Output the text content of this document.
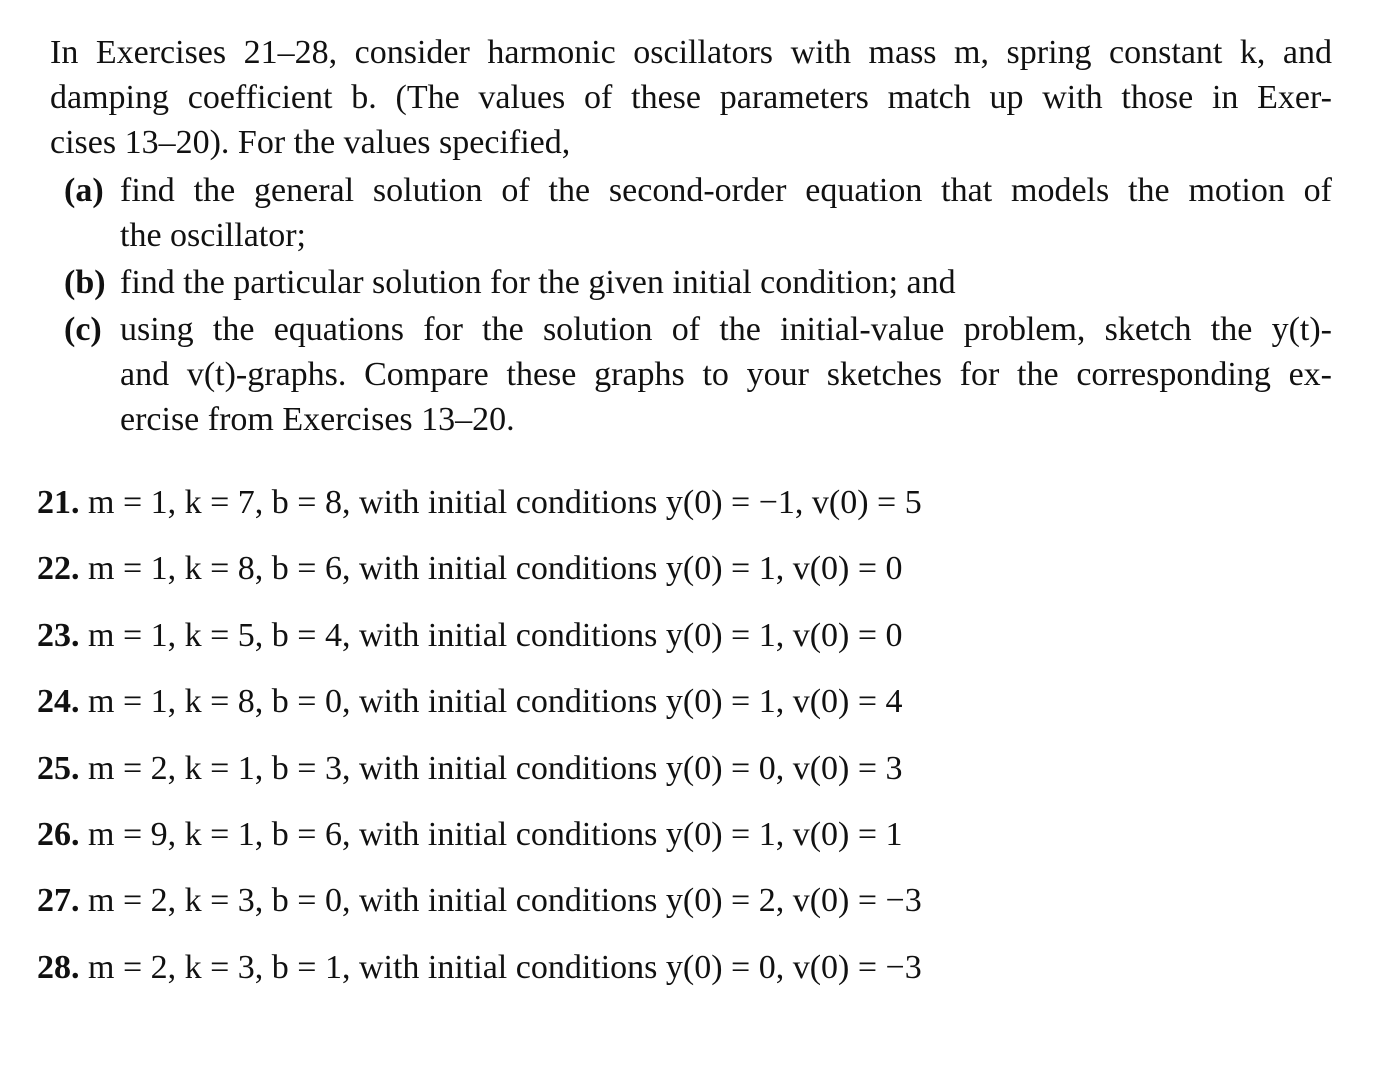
In Exercises 21–28, consider harmonic oscillators with mass m, spring constant k, and
damping coefficient b. (The values of these parameters match up with those in Exer-
cises 13–20). For the values specified,
(a) find the general solution of the second-order equation that models the motion of
the oscillator;
(b) find the particular solution for the given initial condition; and
(c) using the equations for the solution of the initial-value problem, sketch the y(t)-
and v(t)-graphs. Compare these graphs to your sketches for the corresponding ex-
ercise from Exercises 13–20.
21. m = 1, k = 7, b = 8, with initial conditions y(0) = −1, v(0) = 5
22. m = 1, k = 8, b = 6, with initial conditions y(0) = 1, v(0) = 0
23. m = 1, k = 5, b = 4, with initial conditions y(0) = 1, v(0) = 0
24. m = 1, k = 8, b = 0, with initial conditions y(0) = 1, v(0) = 4
25. m = 2, k = 1, b = 3, with initial conditions y(0) = 0, v(0) = 3
26. m = 9, k = 1, b = 6, with initial conditions y(0) = 1, v(0) = 1
27. m = 2, k = 3, b = 0, with initial conditions y(0) = 2, v(0) = −3
28. m = 2, k = 3, b = 1, with initial conditions y(0) = 0, v(0) = −3
